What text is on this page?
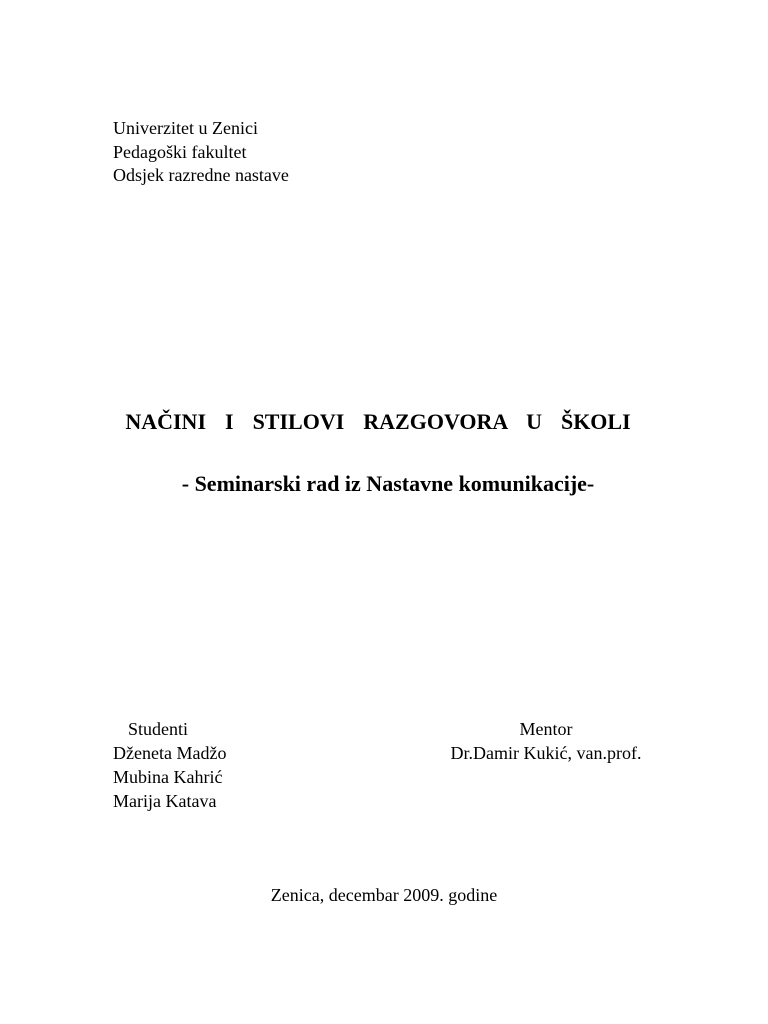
Univerzitet u Zenici
Pedagoški fakultet
Odsjek razredne nastave
NAČINI  I  STILOVI  RAZGOVORA  U  ŠKOLI
- Seminarski rad iz Nastavne komunikacije-
Studenti
Dženeta Madžo
Mubina Kahrić
Marija Katava
Mentor
Dr.Damir Kukić, van.prof.
Zenica, decembar 2009. godine
